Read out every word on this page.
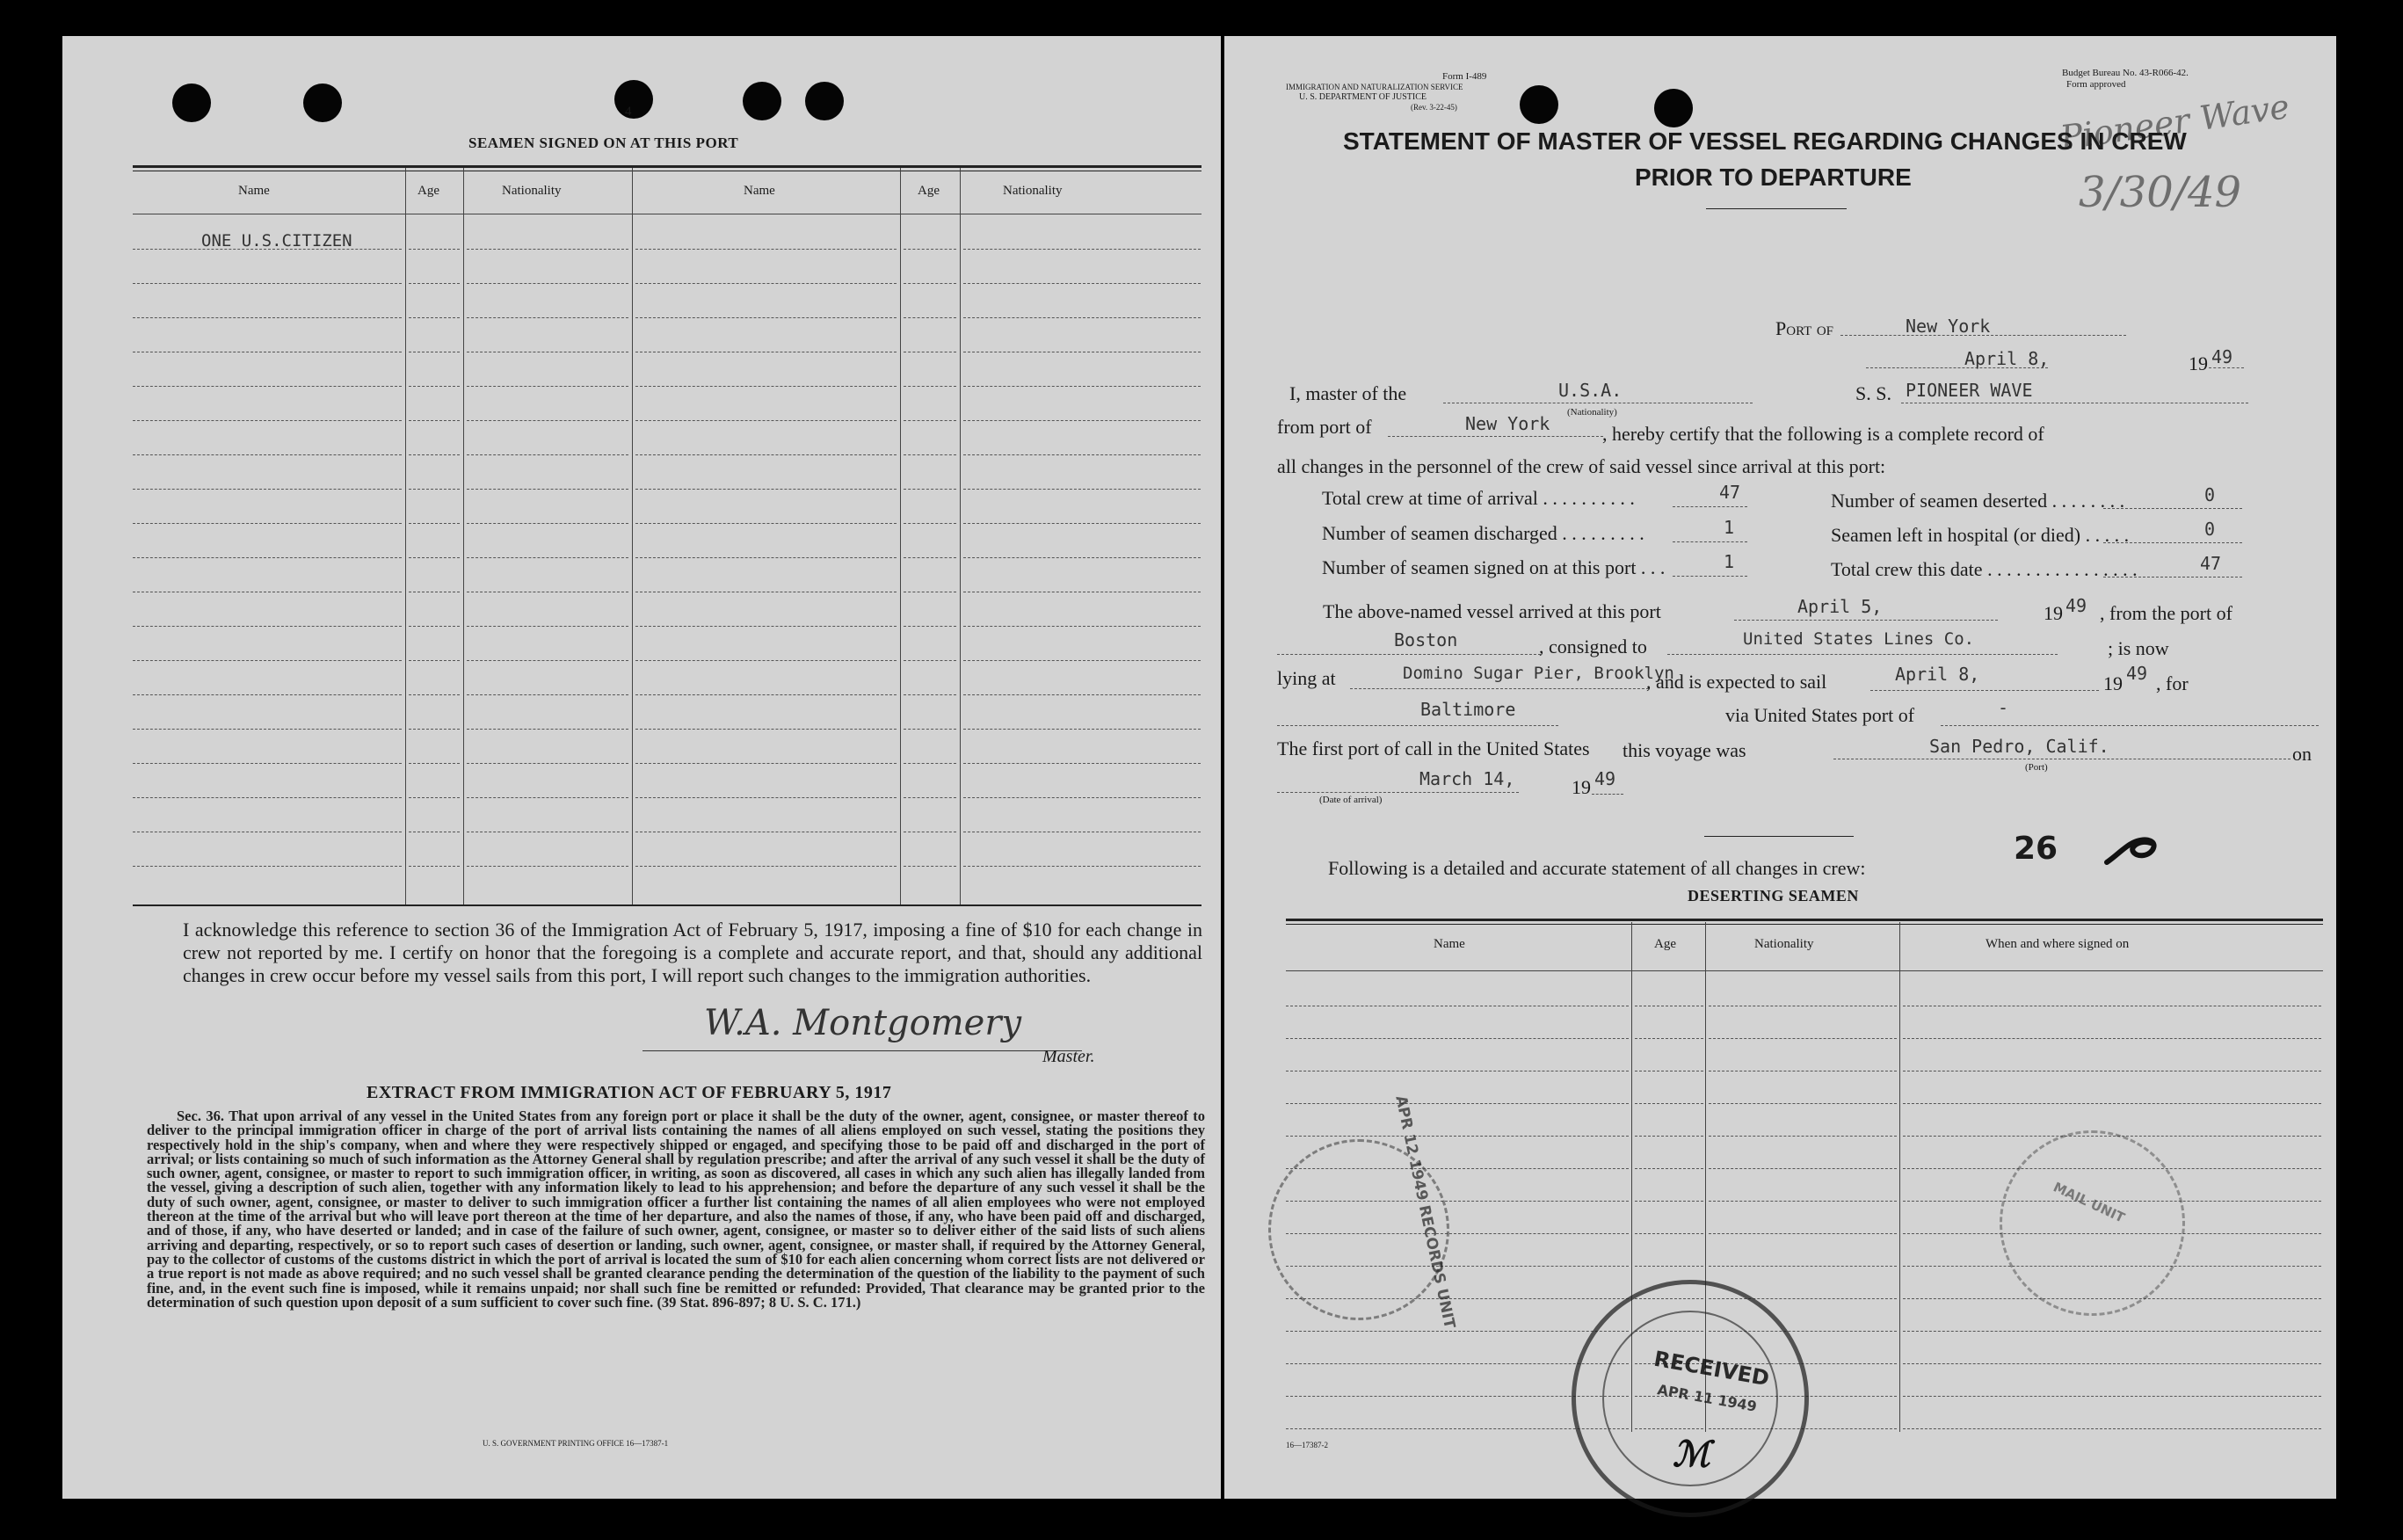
4
SEAMEN SIGNED ON AT THIS PORT
Name	Age	Nationality	Name	Age	Nationality
ONE U.S.CITIZEN
I acknowledge this reference to section 36 of the Immigration Act of February 5, 1917, imposing a fine of $10 for each change in crew not reported by me. I certify on honor that the foregoing is a complete and accurate report, and that, should any additional changes in crew occur before my vessel sails from this port, I will report such changes to the immigration authorities.
W.A. Montgomery
Master.
EXTRACT FROM IMMIGRATION ACT OF FEBRUARY 5, 1917
Sec. 36. That upon arrival of any vessel in the United States from any foreign port or place it shall be the duty of the owner, agent, consignee, or master thereof to deliver to the principal immigration officer in charge of the port of arrival lists containing the names of all aliens employed on such vessel, stating the positions they respectively hold in the ship's company, when and where they were respectively shipped or engaged, and specifying those to be paid off and discharged in the port of arrival; or lists containing so much of such information as the Attorney General shall by regulation prescribe; and after the arrival of any such vessel it shall be the duty of such owner, agent, consignee, or master to report to such immigration officer, in writing, as soon as discovered, all cases in which any such alien has illegally landed from the vessel, giving a description of such alien, together with any information likely to lead to his apprehension; and before the departure of any such vessel it shall be the duty of such owner, agent, consignee, or master to deliver to such immigration officer a further list containing the names of all alien employees who were not employed thereon at the time of the arrival but who will leave port thereon at the time of her departure, and also the names of those, if any, who have been paid off and discharged, and of those, if any, who have deserted or landed; and in case of the failure of such owner, agent, consignee, or master so to deliver either of the said lists of such aliens arriving and departing, respectively, or so to report such cases of desertion or landing, such owner, agent, consignee, or master shall, if required by the Attorney General, pay to the collector of customs of the customs district in which the port of arrival is located the sum of $10 for each alien concerning whom correct lists are not delivered or a true report is not made as above required; and no such vessel shall be granted clearance pending the determination of the question of the liability to the payment of such fine, and, in the event such fine is imposed, while it remains unpaid; nor shall such fine be remitted or refunded: Provided, That clearance may be granted prior to the determination of such question upon deposit of a sum sufficient to cover such fine. (39 Stat. 896-897; 8 U. S. C. 171.)
U. S. GOVERNMENT PRINTING OFFICE 16—17387-1
Form I-489
IMMIGRATION AND NATURALIZATION SERVICE
U. S. DEPARTMENT OF JUSTICE
(Rev. 3-22-45)
Budget Bureau No. 43-R066-42.
Form approved
Pioneer Wave
3/30/49
STATEMENT OF MASTER OF VESSEL REGARDING CHANGES IN CREW
PRIOR TO DEPARTURE
Port of	New York
April 8,	19 49
I, master of the	U.S.A.
(Nationality)
S. S. PIONEER WAVE
from port of	New York	, hereby certify that the following is a complete record of
all changes in the personnel of the crew of said vessel since arrival at this port:
Total crew at time of arrival . . . . . . . . . .	47	Number of seamen deserted . . . . . . . .	0
Number of seamen discharged . . . . . . . . .	1	Seamen left in hospital (or died) . . . . .	0
Number of seamen signed on at this port . . .	1	Total crew this date . . . . . . . . . . . . . . . .	47
The above-named vessel arrived at this port	April 5,	19 49 , from the port of
Boston	, consigned to	United States Lines Co.	; is now
lying at	Domino Sugar Pier, Brooklyn
, and is expected to sail	April 8,	19 49 , for
Baltimore	via United States port of	-
The first port of call in the United States this voyage was	San Pedro, Calif.
(Port)
on
March 14,	19 49
(Date of arrival)
Following is a detailed and accurate statement of all changes in crew:
26
DESERTING SEAMEN
Name	Age	Nationality	When and where signed on
APR 12 1949 RECORDS UNIT
RECEIVED
APR 11 1949
ℳ
MAIL UNIT
16—17387-2
